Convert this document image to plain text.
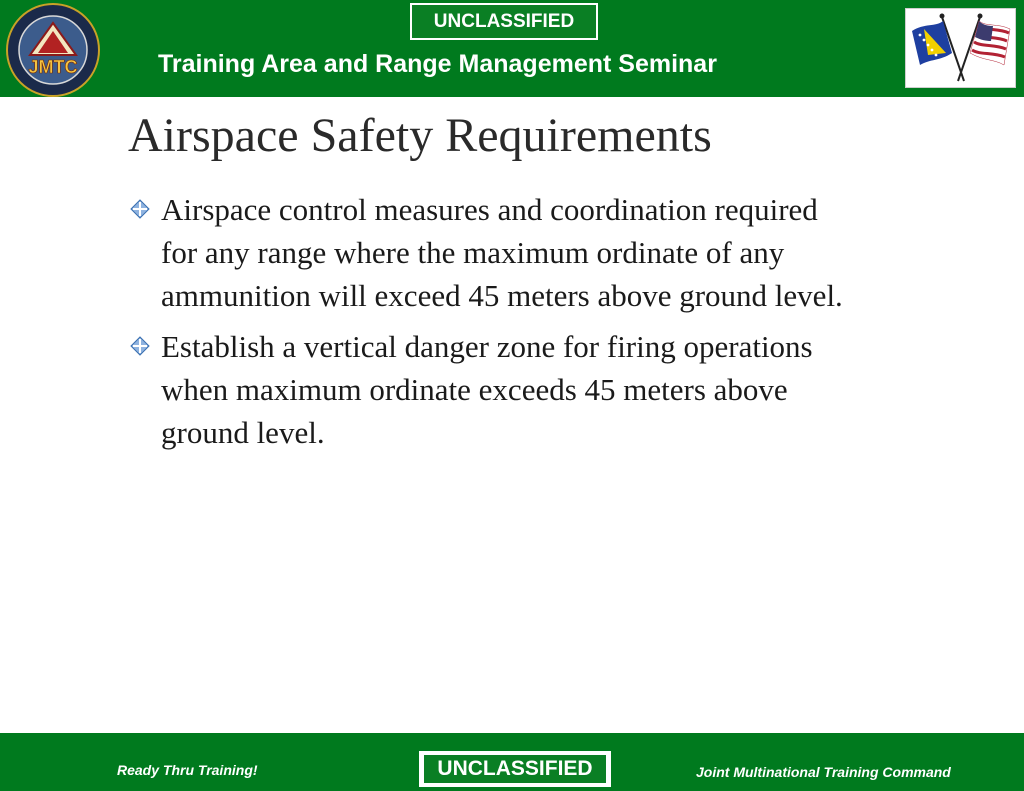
JMTC
UNCLASSIFIED
Training Area and Range Management Seminar
Airspace Safety Requirements
Airspace control measures and coordination required for any range where the maximum ordinate of any ammunition will exceed 45 meters above ground level.
Establish a vertical danger zone for firing operations when maximum ordinate exceeds 45 meters above ground level.
Ready Thru Training!	UNCLASSIFIED	Joint Multinational Training Command
